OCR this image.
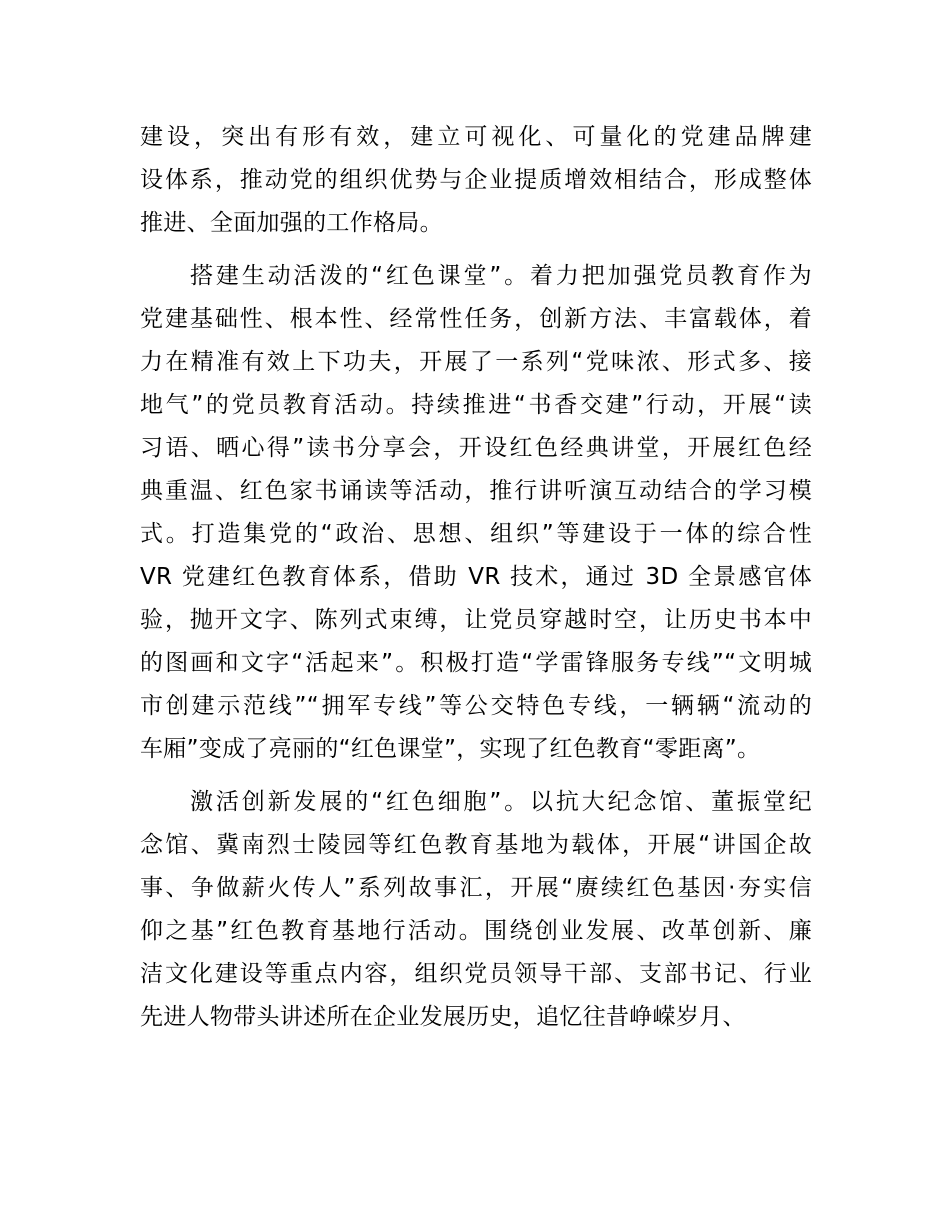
建设，突出有形有效，建立可视化、可量化的党建品牌建
设体系，推动党的组织优势与企业提质增效相结合，形成整体
推进、全面加强的工作格局。
搭建生动活泼的“红色课堂”。着力把加强党员教育作为
党建基础性、根本性、经常性任务，创新方法、丰富载体，着
力在精准有效上下功夫，开展了一系列“党味浓、形式多、接
地气”的党员教育活动。持续推进“书香交建”行动，开展“读
习语、晒心得”读书分享会，开设红色经典讲堂，开展红色经
典重温、红色家书诵读等活动，推行讲听演互动结合的学习模
式。打造集党的“政治、思想、组织”等建设于一体的综合性
VR 党建红色教育体系，借助 VR 技术，通过 3D 全景感官体
验，抛开文字、陈列式束缚，让党员穿越时空，让历史书本中
的图画和文字“活起来”。积极打造“学雷锋服务专线”“文明城
市创建示范线”“拥军专线”等公交特色专线，一辆辆“流动的
车厢”变成了亮丽的“红色课堂”，实现了红色教育“零距离”。
激活创新发展的“红色细胞”。以抗大纪念馆、董振堂纪
念馆、冀南烈士陵园等红色教育基地为载体，开展“讲国企故
事、争做薪火传人”系列故事汇，开展“赓续红色基因·夯实信
仰之基”红色教育基地行活动。围绕创业发展、改革创新、廉
洁文化建设等重点内容，组织党员领导干部、支部书记、行业
先进人物带头讲述所在企业发展历史，追忆往昔峥嵘岁月、
